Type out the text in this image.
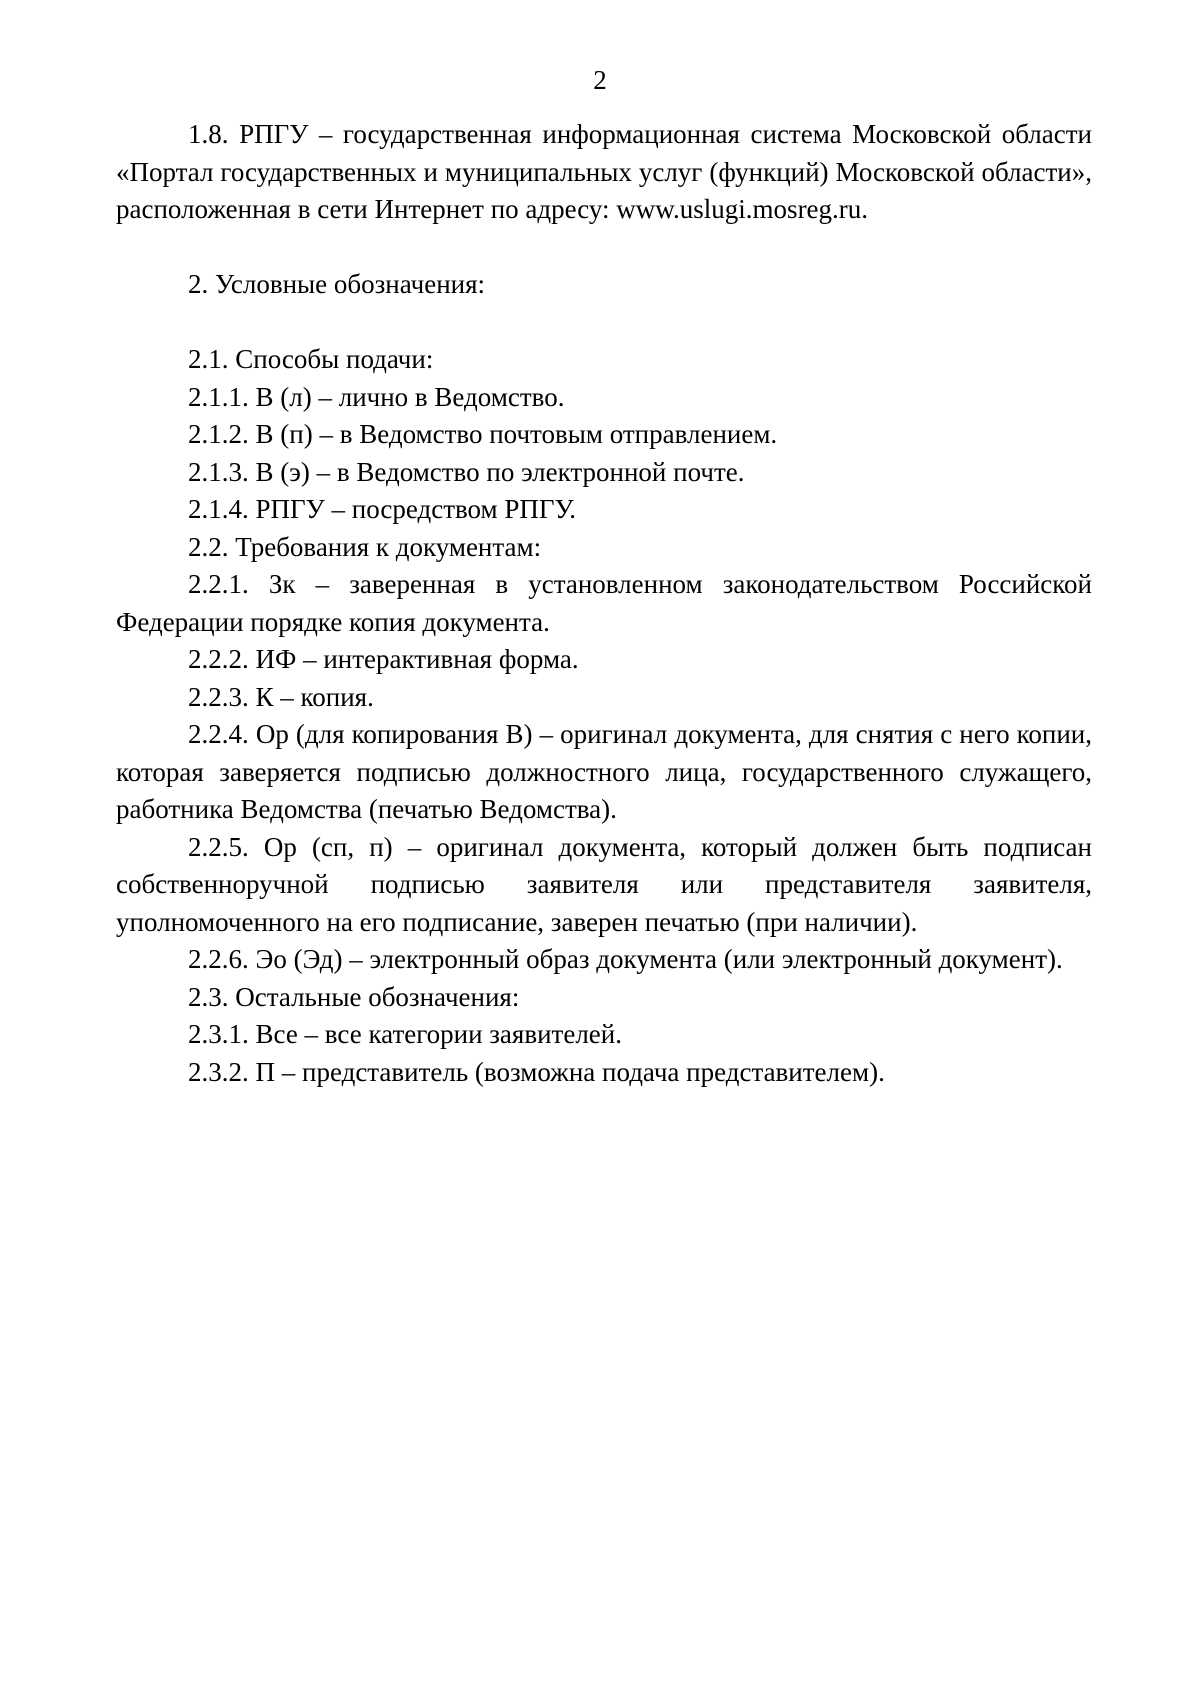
2

1.8. РПГУ – государственная информационная система Московской области «Портал государственных и муниципальных услуг (функций) Московской области», расположенная в сети Интернет по адресу: www.uslugi.mosreg.ru.

2. Условные обозначения:

2.1. Способы подачи:

2.1.1. В (л) – лично в Ведомство.

2.1.2. В (п) – в Ведомство почтовым отправлением.

2.1.3. В (э) – в Ведомство по электронной почте.

2.1.4. РПГУ – посредством РПГУ.

2.2. Требования к документам:

2.2.1. Зк – заверенная в установленном законодательством Российской Федерации порядке копия документа.

2.2.2. ИФ – интерактивная форма.

2.2.3. К – копия.

2.2.4. Ор (для копирования В) – оригинал документа, для снятия с него копии, которая заверяется подписью должностного лица, государственного служащего, работника Ведомства (печатью Ведомства).

2.2.5. Ор (сп, п) – оригинал документа, который должен быть подписан собственноручной подписью заявителя или представителя заявителя, уполномоченного на его подписание, заверен печатью (при наличии).

2.2.6. Эо (Эд) – электронный образ документа (или электронный документ).

2.3. Остальные обозначения:

2.3.1. Все – все категории заявителей.

2.3.2. П – представитель (возможна подача представителем).
